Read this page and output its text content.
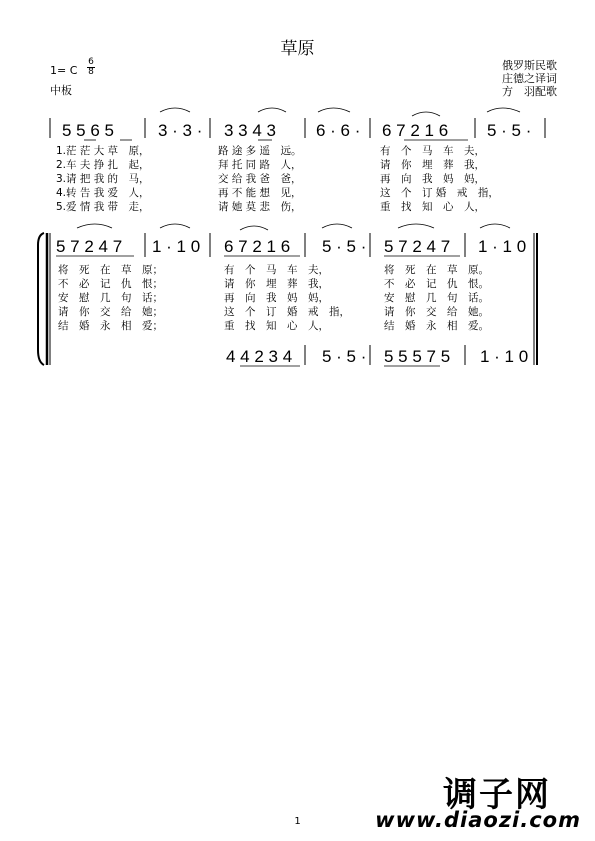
草原
1= C
6
8
中板
俄罗斯民歌
庄德之译词
方　羽配歌
5 5 6 5	3 · 3 · 3 3 4 3 6 · 6 · 6 7 2 1 6 5 · 5 ·
5 7 2 4 7 1 · 1 0 6 7 2 1 6 5 · 5 · 5 7 2 4 7 1 · 1 0
4 4 2 3 4 5 · 5 · 5 5 5 7 5 1 · 1 0
1.茫 茫 大 草　原，	路 途 多 遥　远。	有　个　马　车　夫，
2.车 夫 挣 扎　起，	拜 托 同 路　人，	请　你　埋　葬　我，
3.请 把 我 的　马，	交 给 我 爸　爸，	再　向　我　妈　妈，
4.转 告 我 爱　人，	再 不 能 想　见，	这　个　订 婚　戒　指，
5.爱 情 我 带　走，	请 她 莫 悲　伤，	重　找　知　心　人，
将　死　在　草　原；	有　个　马　车　夫，	将　死　在　草　原。
不　必　记　仇　恨；	请　你　埋　葬　我，	不　必　记　仇　恨。
安　慰　几　句　话；	再　向　我　妈　妈，	安　慰　几　句　话。
请　你　交　给　她；	这　个　订　婚　戒　指，	请　你　交　给　她。
结　婚　永　相　爱；	重　找　知　心　人，	结　婚　永　相　爱。
调子网
www.diaozi.com
1
